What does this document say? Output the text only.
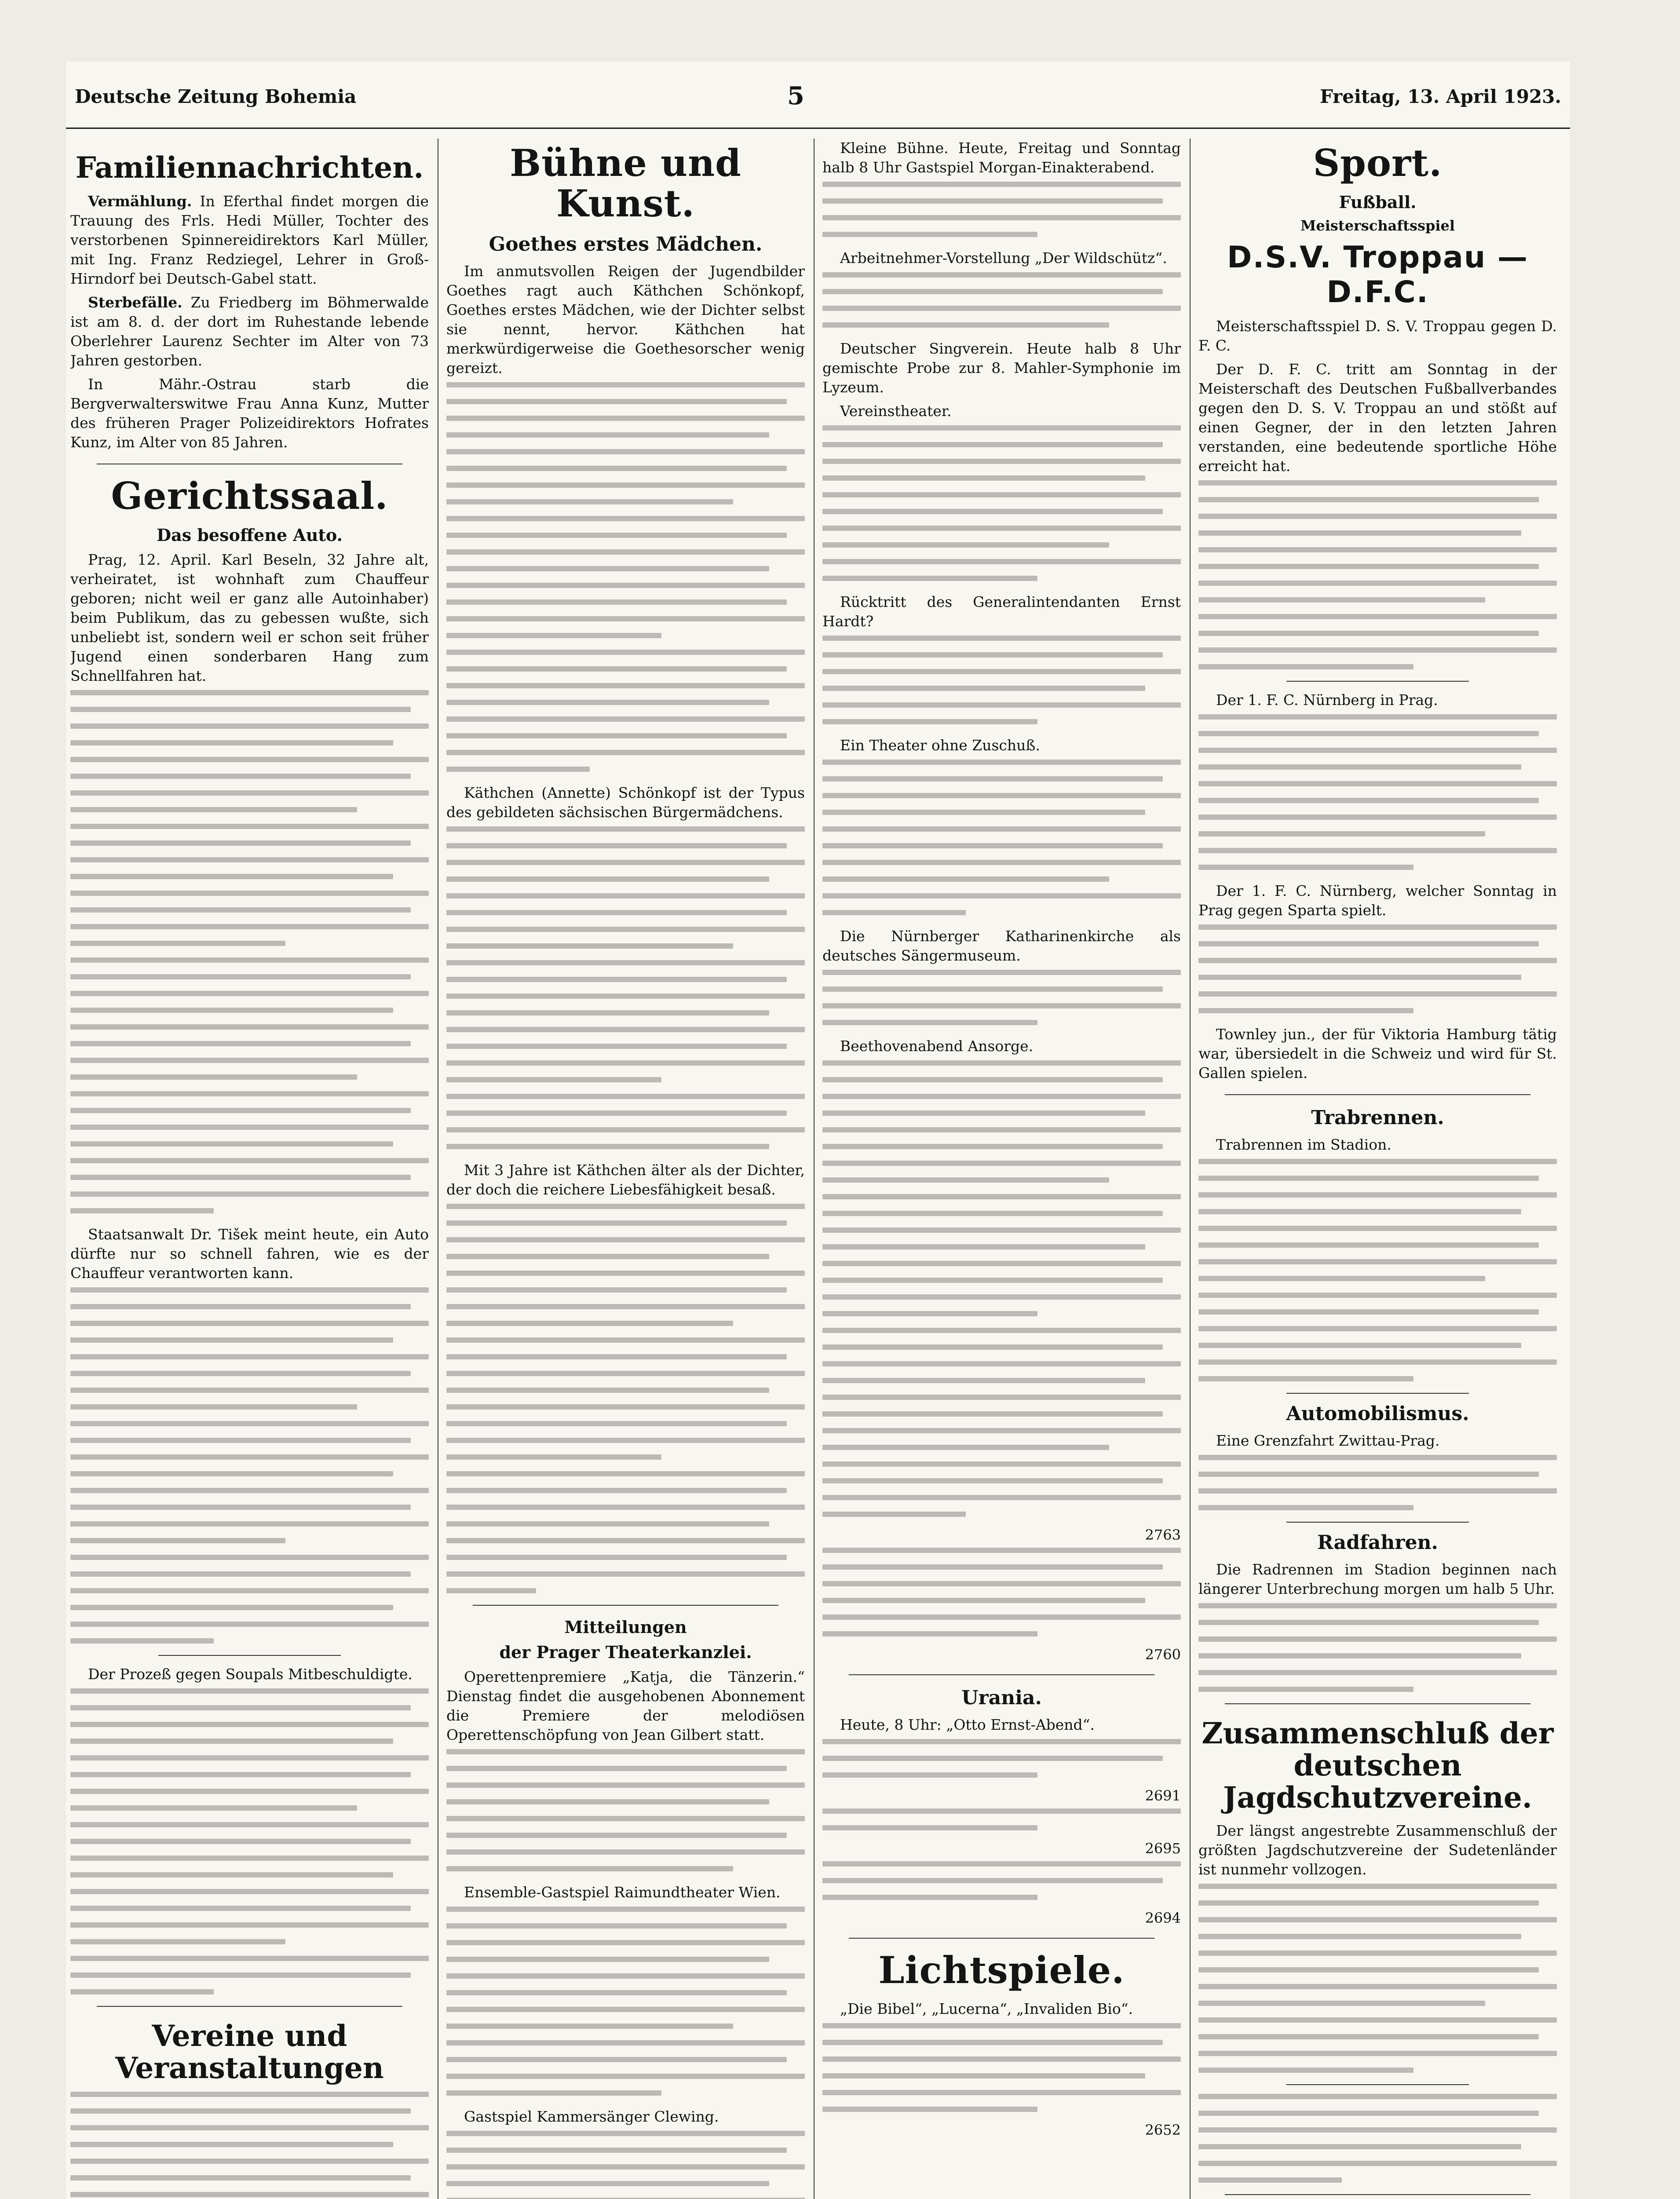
Deutsche Zeitung Bohemia	5	Freitag, 13. April 1923.
Familiennachrichten.

Vermählung. In Eferthal findet morgen die Trauung des Frls. Hedi Müller, Tochter des verstorbenen Spinnereidirektors Karl Müller, mit Ing. Franz Redziegel, Lehrer in Groß-Hirndorf bei Deutsch-Gabel statt.

Sterbefälle. Zu Friedberg im Böhmerwalde ist am 8. d. der dort im Ruhestande lebende Oberlehrer Laurenz Sechter im Alter von 73 Jahren gestorben.

In Mähr.-Ostrau starb die Bergverwalterswitwe Frau Anna Kunz, Mutter des früheren Prager Polizeidirektors Hofrates Kunz, im Alter von 85 Jahren.

Gerichtssaal.
Das besoffene Auto.

Prag, 12. April. Karl Beseln, 32 Jahre alt, verheiratet, ist wohnhaft zum Chauffeur geboren; nicht weil er ganz alle Autoinhaber) beim Publikum, das zu gebessen wußte, sich unbeliebt ist, sondern weil er schon seit früher Jugend einen sonderbaren Hang zum Schnellfahren hat.

Staatsanwalt Dr. Tišek meint heute, ein Auto dürfte nur so schnell fahren, wie es der Chauffeur verantworten kann.

Der Prozeß gegen Soupals Mitbeschuldigte.

Vereine und Veranstaltungen
Bühne und Kunst.
Goethes erstes Mädchen.

Im anmutsvollen Reigen der Jugendbilder Goethes ragt auch Käthchen Schönkopf, Goethes erstes Mädchen, wie der Dichter selbst sie nennt, hervor. Käthchen hat merkwürdigerweise die Goethesorscher wenig gereizt.

Käthchen (Annette) Schönkopf ist der Typus des gebildeten sächsischen Bürgermädchens.

Mit 3 Jahre ist Käthchen älter als der Dichter, der doch die reichere Liebesfähigkeit besaß.

Mitteilungen
der Prager Theaterkanzlei.

Operettenpremiere „Katja, die Tänzerin.“ Dienstag findet die ausgehobenen Abonnement die Premiere der melodiösen Operettenschöpfung von Jean Gilbert statt.

Ensemble-Gastspiel Raimundtheater Wien.

Gastspiel Kammersänger Clewing.

Kleine Bühne. Heute, Freitag und Sonntag halb 8 Uhr Gastspiel Morgan-Einakterabend.

Arbeitnehmer-Vorstellung „Der Wildschütz“.

Deutscher Singverein. Heute halb 8 Uhr gemischte Probe zur 8. Mahler-Symphonie im Lyzeum.

Vereinstheater.

Rücktritt des Generalintendanten Ernst Hardt?

Ein Theater ohne Zuschuß.

Die Nürnberger Katharinenkirche als deutsches Sängermuseum.

Beethovenabend Ansorge.

2763
2760
Urania.

Heute, 8 Uhr: „Otto Ernst-Abend“.

2691
2695
2694
Lichtspiele.

„Die Bibel“, „Lucerna“, „Invaliden Bio“.

2652
Sport.
Fußball.
Meisterschaftsspiel
D.S.V. Troppau — D.F.C.

Meisterschaftsspiel D. S. V. Troppau gegen D. F. C.

Der D. F. C. tritt am Sonntag in der Meisterschaft des Deutschen Fußballverbandes gegen den D. S. V. Troppau an und stößt auf einen Gegner, der in den letzten Jahren verstanden, eine bedeutende sportliche Höhe erreicht hat.

Der 1. F. C. Nürnberg in Prag.

Der 1. F. C. Nürnberg, welcher Sonntag in Prag gegen Sparta spielt.

Townley jun., der für Viktoria Hamburg tätig war, übersiedelt in die Schweiz und wird für St. Gallen spielen.

Trabrennen.

Trabrennen im Stadion.

Automobilismus.

Eine Grenzfahrt Zwittau-Prag.

Radfahren.

Die Radrennen im Stadion beginnen nach längerer Unterbrechung morgen um halb 5 Uhr.

Zusammenschluß der deutschen Jagdschutzvereine.

Der längst angestrebte Zusammenschluß der größten Jagdschutzvereine der Sudetenländer ist nunmehr vollzogen.
